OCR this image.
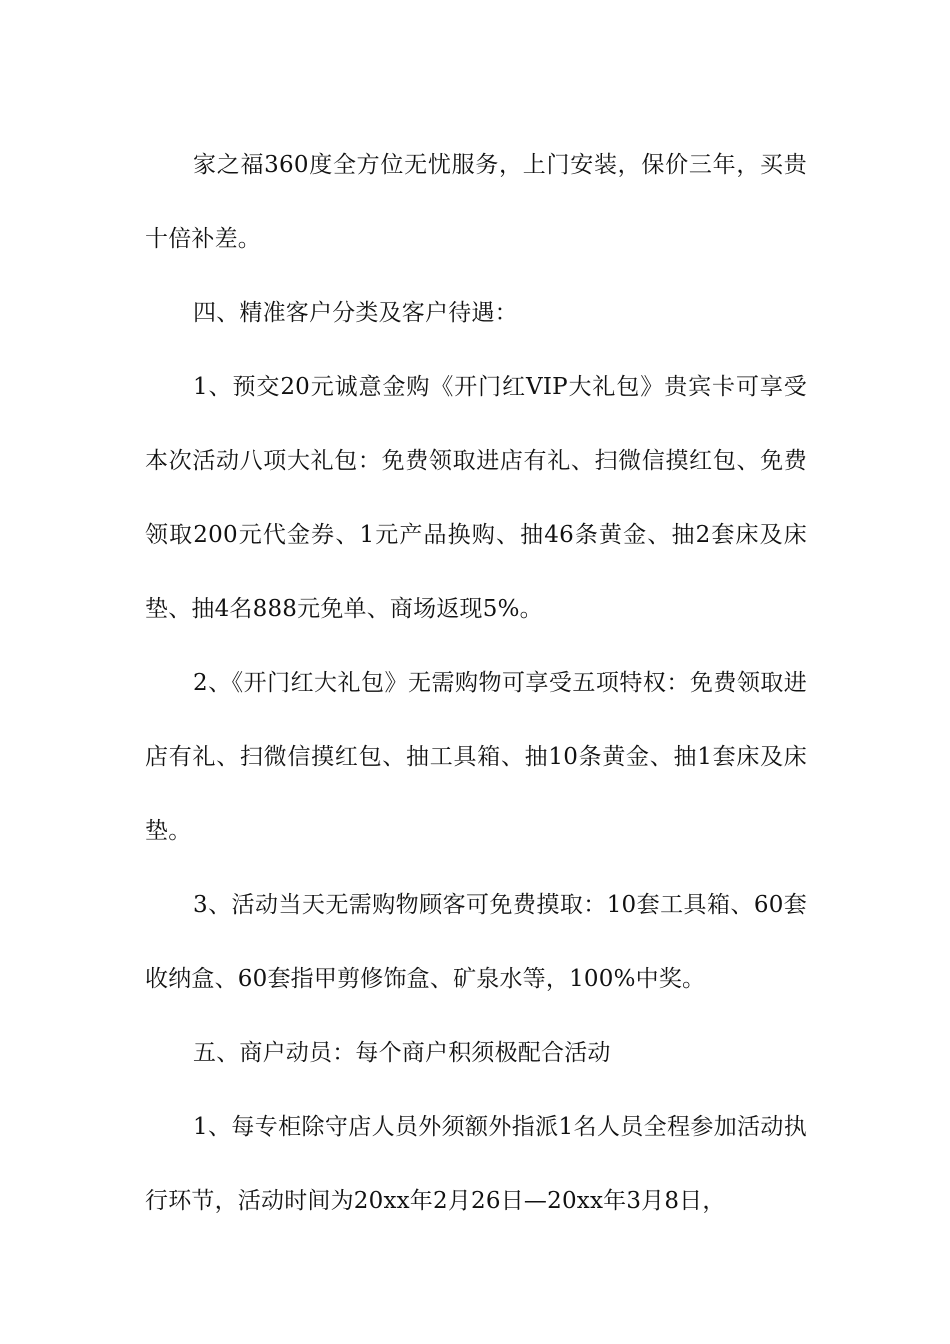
家之福360度全方位无忧服务，上门安装，保价三年，买贵十倍补差。

四、精准客户分类及客户待遇：

1、预交20元诚意金购《开门红VIP大礼包》贵宾卡可享受本次活动八项大礼包：免费领取进店有礼、扫微信摸红包、免费领取200元代金券、1元产品换购、抽46条黄金、抽2套床及床垫、抽4名888元免单、商场返现5%。

2、《开门红大礼包》无需购物可享受五项特权：免费领取进店有礼、扫微信摸红包、抽工具箱、抽10条黄金、抽1套床及床垫。

3、活动当天无需购物顾客可免费摸取：10套工具箱、60套收纳盒、60套指甲剪修饰盒、矿泉水等，100%中奖。

五、商户动员：每个商户积须极配合活动

1、每专柜除守店人员外须额外指派1名人员全程参加活动执行环节，活动时间为20xx年2月26日—20xx年3月8日，
